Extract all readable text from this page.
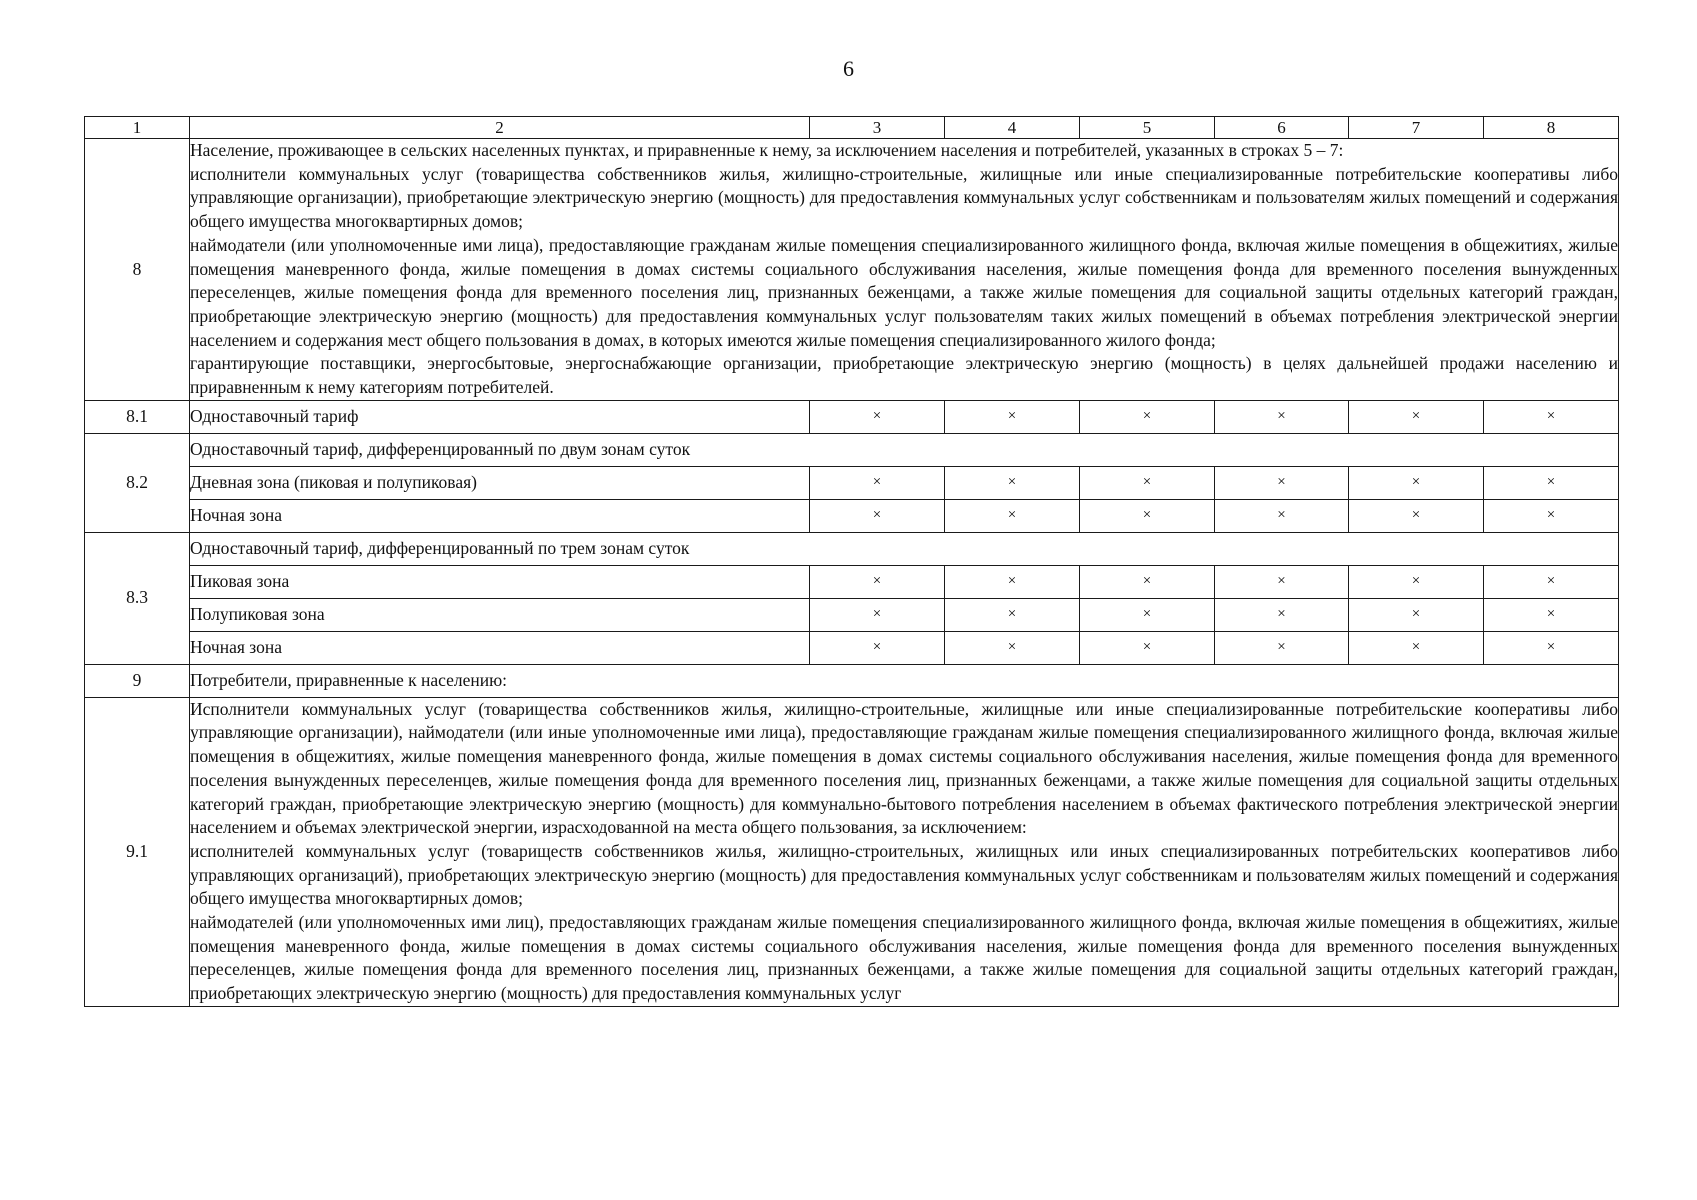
6
1	2	3	4	5	6	7	8
8	Население, проживающее в сельских населенных пунктах, и приравненные к нему, за исключением населения и потребителей, указанных в строках 5 – 7:

исполнители коммунальных услуг (товарищества собственников жилья, жилищно-строительные, жилищные или иные специализированные потребительские кооперативы либо управляющие организации), приобретающие электрическую энергию (мощность) для предоставления коммунальных услуг собственникам и пользователям жилых помещений и содержания общего имущества многоквартирных домов;

наймодатели (или уполномоченные ими лица), предоставляющие гражданам жилые помещения специализированного жилищного фонда, включая жилые помещения в общежитиях, жилые помещения маневренного фонда, жилые помещения в домах системы социального обслуживания населения, жилые помещения фонда для временного поселения вынужденных переселенцев, жилые помещения фонда для временного поселения лиц, признанных беженцами, а также жилые помещения для социальной защиты отдельных категорий граждан, приобретающие электрическую энергию (мощность) для предоставления коммунальных услуг пользователям таких жилых помещений в объемах потребления электрической энергии населением и содержания мест общего пользования в домах, в которых имеются жилые помещения специализированного жилого фонда;

гарантирующие поставщики, энергосбытовые, энергоснабжающие организации, приобретающие электрическую энергию (мощность) в целях дальнейшей продажи населению и приравненным к нему категориям потребителей.						

8.1	Одноставочный тариф	×	×	×	×	×	×
8.2	Одноставочный тариф, дифференцированный по двум зонам суток						
	Дневная зона (пиковая и полупиковая)	×	×	×	×	×	×
	Ночная зона	×	×	×	×	×	×
8.3	Одноставочный тариф, дифференцированный по трем зонам суток						
	Пиковая зона	×	×	×	×	×	×
	Полупиковая зона	×	×	×	×	×	×
	Ночная зона	×	×	×	×	×	×
9	Потребители, приравненные к населению:						
9.1	Исполнители коммунальных услуг (товарищества собственников жилья, жилищно-строительные, жилищные или иные специализированные потребительские кооперативы либо управляющие организации), наймодатели (или иные уполномоченные ими лица), предоставляющие гражданам жилые помещения специализированного жилищного фонда, включая жилые помещения в общежитиях, жилые помещения маневренного фонда, жилые помещения в домах системы социального обслуживания населения, жилые помещения фонда для временного поселения вынужденных переселенцев, жилые помещения фонда для временного поселения лиц, признанных беженцами, а также жилые помещения для социальной защиты отдельных категорий граждан, приобретающие электрическую энергию (мощность) для коммунально-бытового потребления населением в объемах фактического потребления электрической энергии населением и объемах электрической энергии, израсходованной на места общего пользования, за исключением:

исполнителей коммунальных услуг (товариществ собственников жилья, жилищно-строительных, жилищных или иных специализированных потребительских кооперативов либо управляющих организаций), приобретающих электрическую энергию (мощность) для предоставления коммунальных услуг собственникам и пользователям жилых помещений и содержания общего имущества многоквартирных домов;

наймодателей (или уполномоченных ими лиц), предоставляющих гражданам жилые помещения специализированного жилищного фонда, включая жилые помещения в общежитиях, жилые помещения маневренного фонда, жилые помещения в домах системы социального обслуживания населения, жилые помещения фонда для временного поселения вынужденных переселенцев, жилые помещения фонда для временного поселения лиц, признанных беженцами, а также жилые помещения для социальной защиты отдельных категорий граждан, приобретающих электрическую энергию (мощность) для предоставления коммунальных услуг						
